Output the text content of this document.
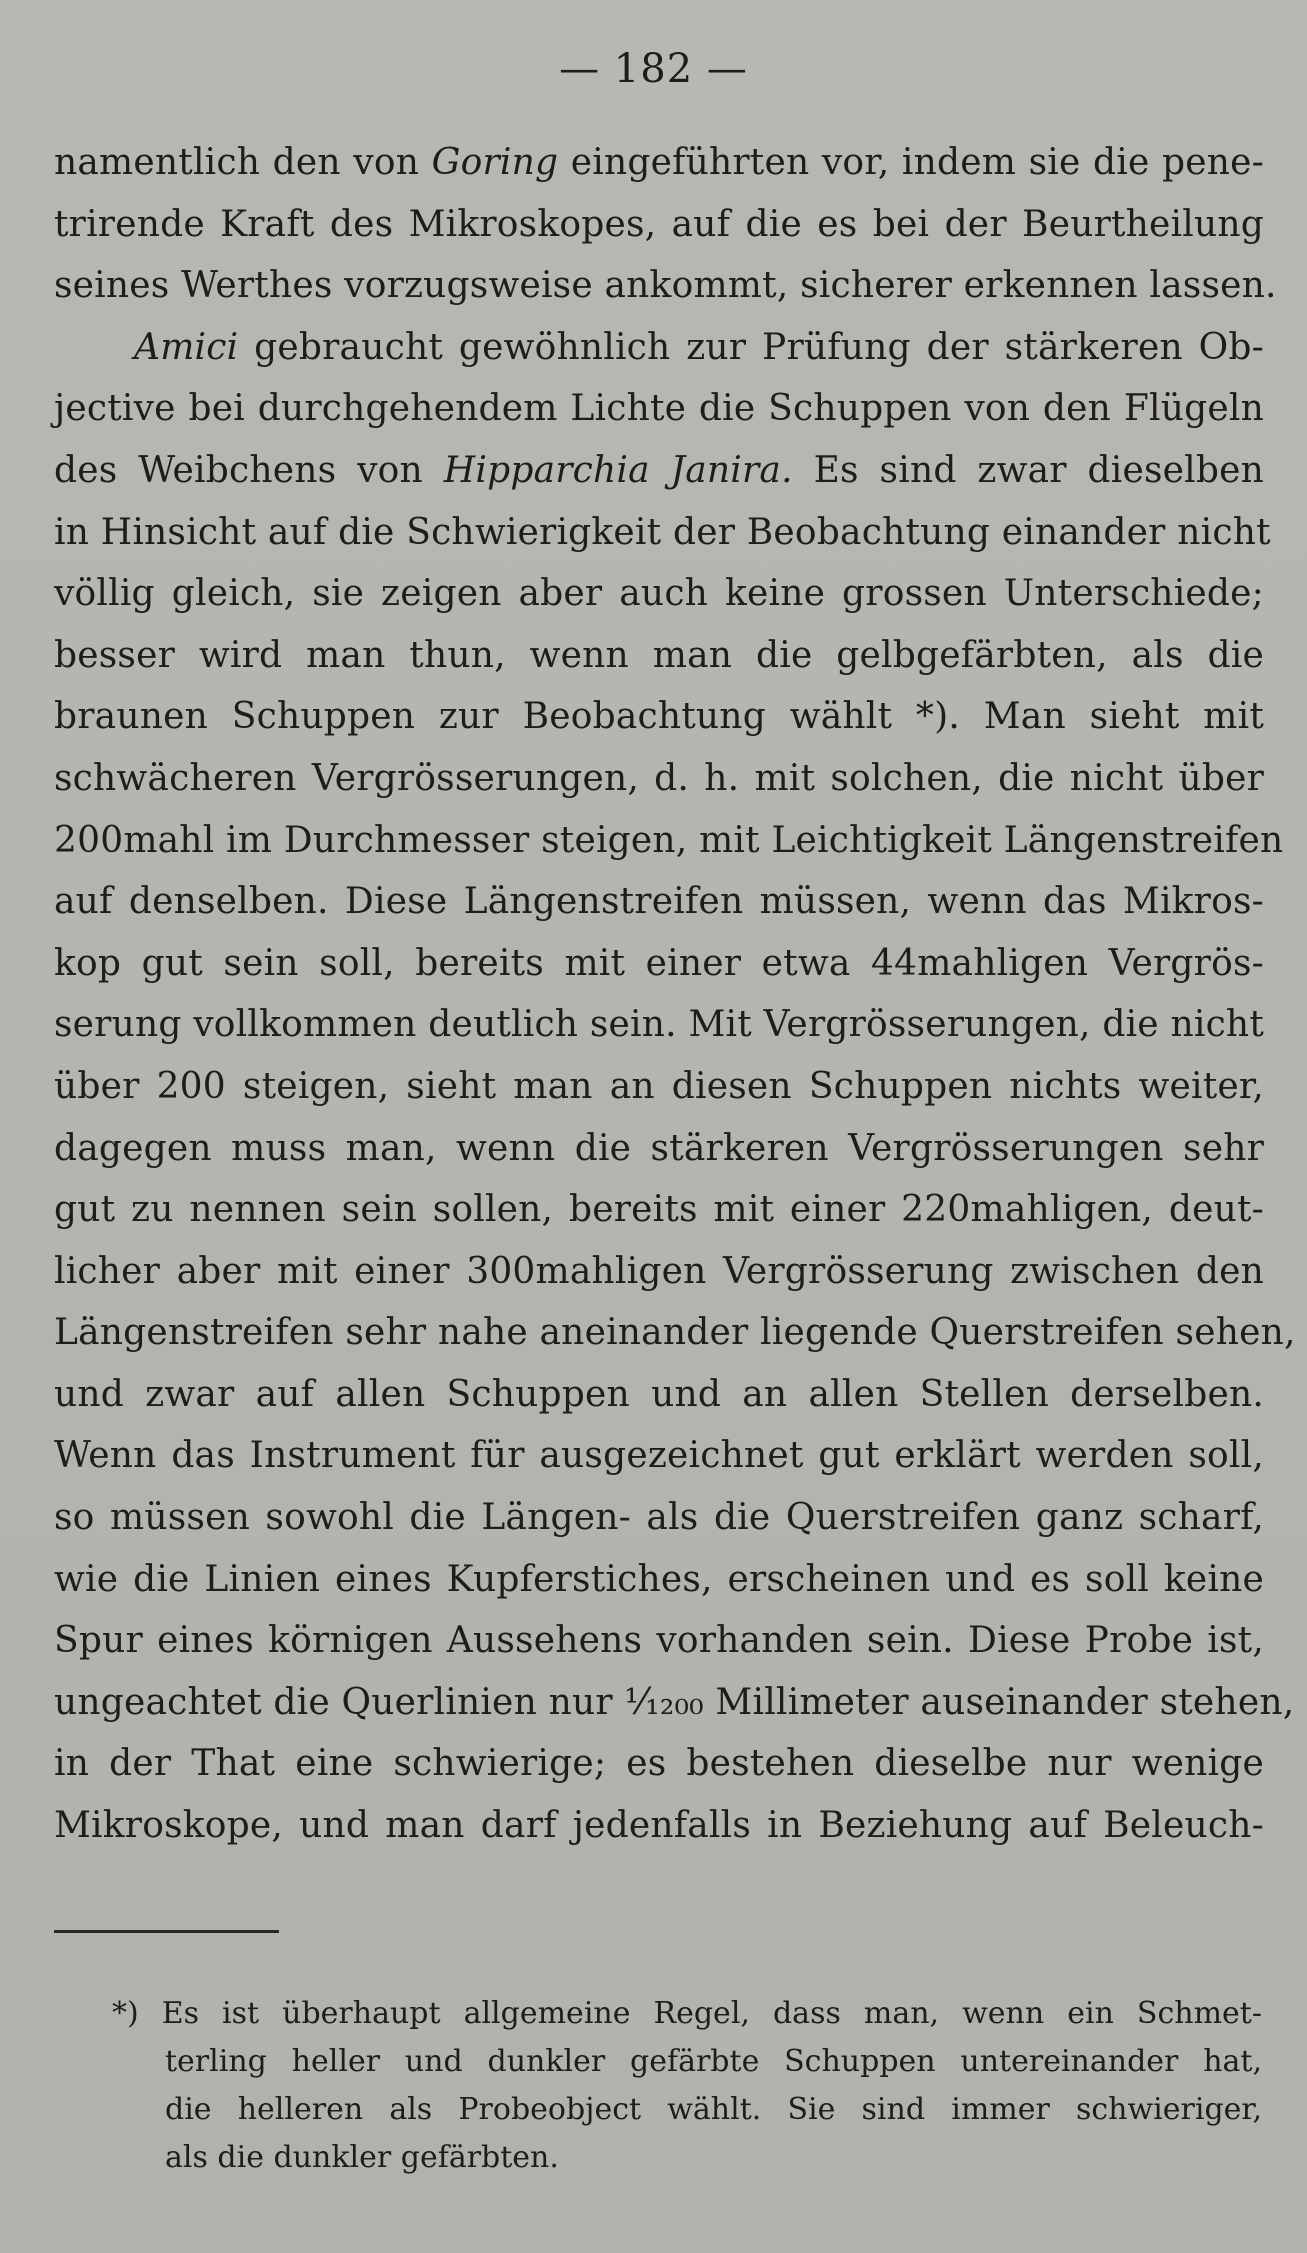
— 182 —
namentlich den von Goring eingeführten vor, indem sie die pene-
trirende Kraft des Mikroskopes, auf die es bei der Beurtheilung
seines Werthes vorzugsweise ankommt, sicherer erkennen lassen.
Amici gebraucht gewöhnlich zur Prüfung der stärkeren Ob-
jective bei durchgehendem Lichte die Schuppen von den Flügeln
des Weibchens von Hipparchia Janira. Es sind zwar dieselben
in Hinsicht auf die Schwierigkeit der Beobachtung einander nicht
völlig gleich, sie zeigen aber auch keine grossen Unterschiede;
besser wird man thun, wenn man die gelbgefärbten, als die
braunen Schuppen zur Beobachtung wählt *). Man sieht mit
schwächeren Vergrösserungen, d. h. mit solchen, die nicht über
200mahl im Durchmesser steigen, mit Leichtigkeit Längenstreifen
auf denselben. Diese Längenstreifen müssen, wenn das Mikros-
kop gut sein soll, bereits mit einer etwa 44mahligen Vergrös-
serung vollkommen deutlich sein. Mit Vergrösserungen, die nicht
über 200 steigen, sieht man an diesen Schuppen nichts weiter,
dagegen muss man, wenn die stärkeren Vergrösserungen sehr
gut zu nennen sein sollen, bereits mit einer 220mahligen, deut-
licher aber mit einer 300mahligen Vergrösserung zwischen den
Längenstreifen sehr nahe aneinander liegende Querstreifen sehen,
und zwar auf allen Schuppen und an allen Stellen derselben.
Wenn das Instrument für ausgezeichnet gut erklärt werden soll,
so müssen sowohl die Längen- als die Querstreifen ganz scharf,
wie die Linien eines Kupferstiches, erscheinen und es soll keine
Spur eines körnigen Aussehens vorhanden sein. Diese Probe ist,
ungeachtet die Querlinien nur ¹⁄₁₂₀₀ Millimeter auseinander stehen,
in der That eine schwierige; es bestehen dieselbe nur wenige
Mikroskope, und man darf jedenfalls in Beziehung auf Beleuch-
*) Es ist überhaupt allgemeine Regel, dass man, wenn ein Schmet-
terling heller und dunkler gefärbte Schuppen untereinander hat,
die helleren als Probeobject wählt. Sie sind immer schwieriger,
als die dunkler gefärbten.
